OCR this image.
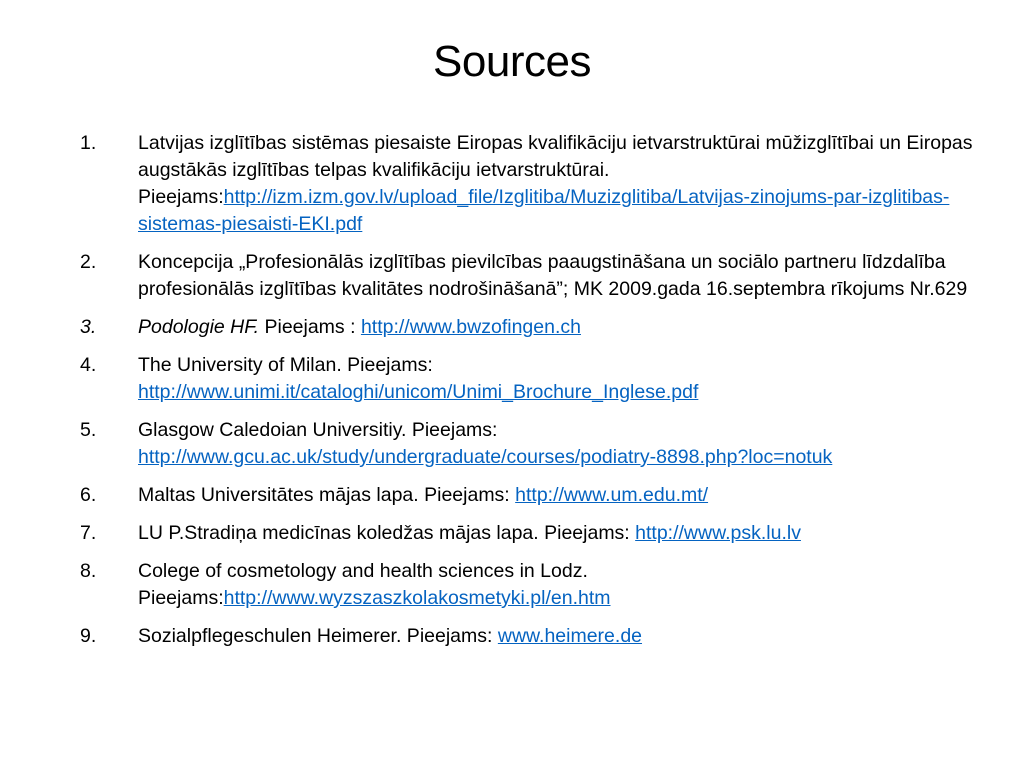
Sources
1.	Latvijas izglītības sistēmas piesaiste Eiropas kvalifikāciju ietvarstruktūrai mūžizglītībai un Eiropas augstākās izglītības telpas kvalifikāciju ietvarstruktūrai. Pieejams:http://izm.izm.gov.lv/upload_file/Izglitiba/Muzizglitiba/Latvijas-zinojums-par-izglitibas-sistemas-piesaisti-EKI.pdf
2.	Koncepcija „Profesionālās izglītības pievilcības paaugstināšana un sociālo partneru līdzdalība profesionālās izglītības kvalitātes nodrošināšanā”; MK 2009.gada 16.septembra rīkojums Nr.629
3.	Podologie HF. Pieejams : http://www.bwzofingen.ch
4.	The University of Milan. Pieejams:
http://www.unimi.it/cataloghi/unicom/Unimi_Brochure_Inglese.pdf
5.	Glasgow Caledoian Universitiy. Pieejams:
http://www.gcu.ac.uk/study/undergraduate/courses/podiatry-8898.php?loc=notuk
6.	Maltas Universitātes mājas lapa. Pieejams: http://www.um.edu.mt/
7.	LU P.Stradiņa medicīnas koledžas mājas lapa. Pieejams: http://www.psk.lu.lv
8.	Colege of cosmetology and health sciences in Lodz. Pieejams:http://www.wyzszaszkolakosmetyki.pl/en.htm
9.	Sozialpflegeschulen Heimerer. Pieejams: www.heimere.de
